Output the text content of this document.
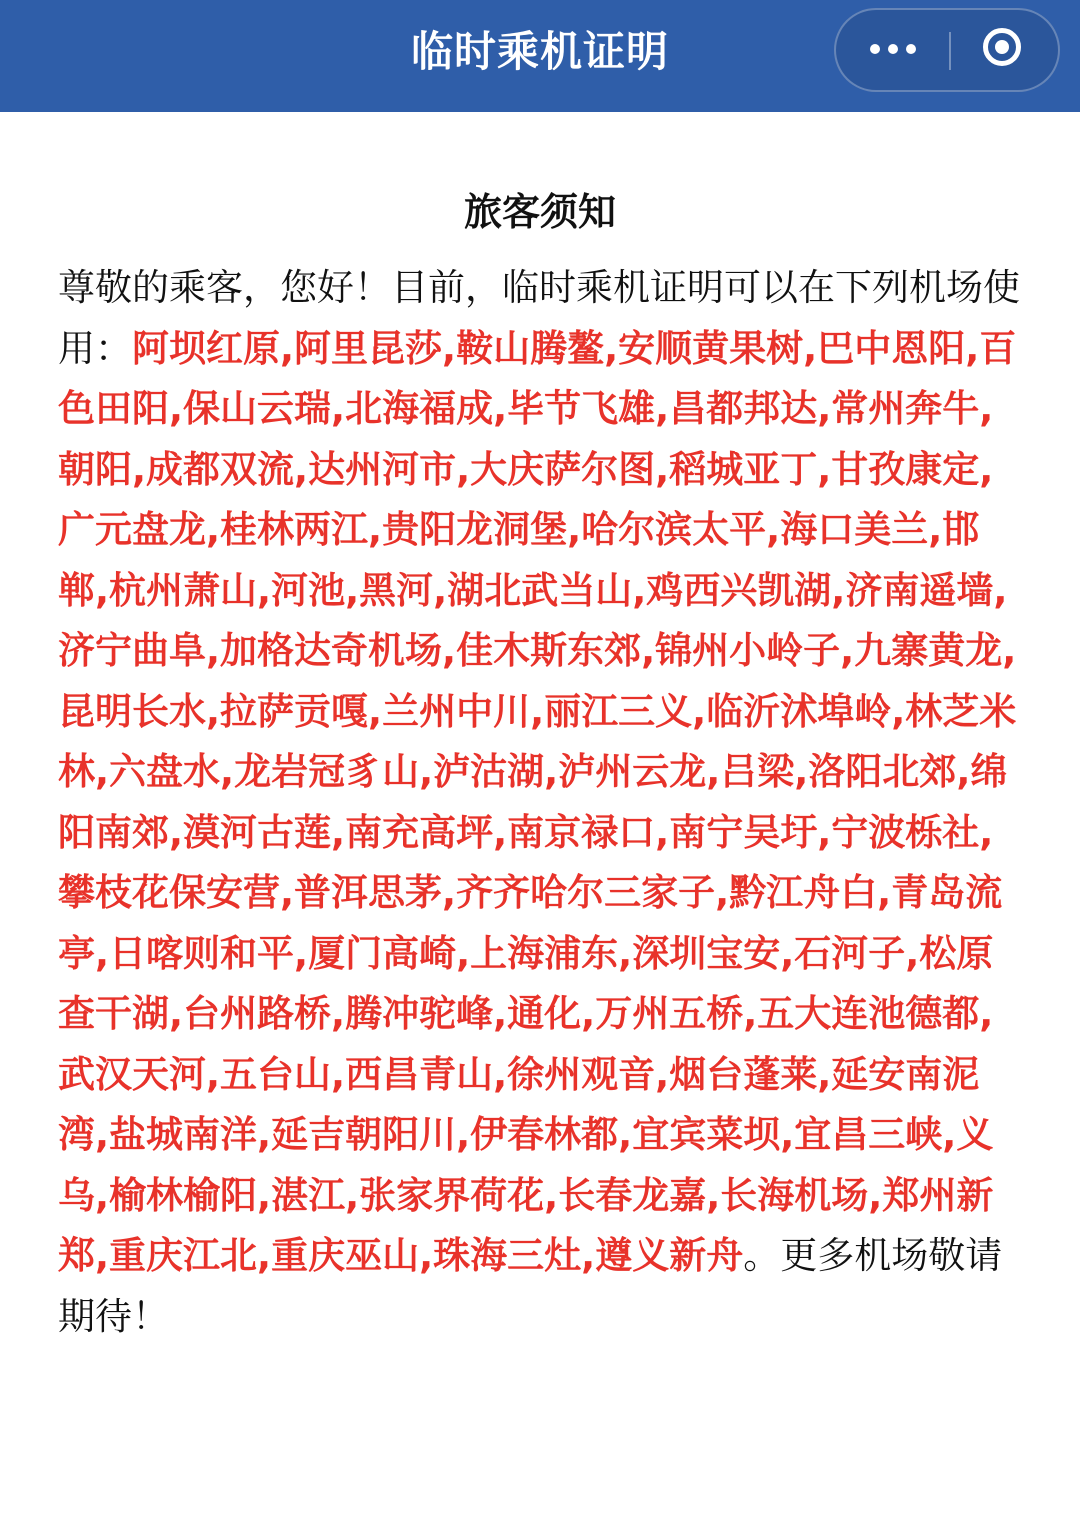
临时乘机证明
旅客须知

尊敬的乘客，您好！目前，临时乘机证明可以在下列机场使用：阿坝红原,阿里昆莎,鞍山腾鳌,安顺黄果树,巴中恩阳,百色田阳,保山云瑞,北海福成,毕节飞雄,昌都邦达,常州奔牛,朝阳,成都双流,达州河市,大庆萨尔图,稻城亚丁,甘孜康定,广元盘龙,桂林两江,贵阳龙洞堡,哈尔滨太平,海口美兰,邯郸,杭州萧山,河池,黑河,湖北武当山,鸡西兴凯湖,济南遥墙,济宁曲阜,加格达奇机场,佳木斯东郊,锦州小岭子,九寨黄龙,昆明长水,拉萨贡嘎,兰州中川,丽江三义,临沂沭埠岭,林芝米林,六盘水,龙岩冠豸山,泸沽湖,泸州云龙,吕梁,洛阳北郊,绵阳南郊,漠河古莲,南充高坪,南京禄口,南宁吴圩,宁波栎社,攀枝花保安营,普洱思茅,齐齐哈尔三家子,黔江舟白,青岛流亭,日喀则和平,厦门高崎,上海浦东,深圳宝安,石河子,松原查干湖,台州路桥,腾冲驼峰,通化,万州五桥,五大连池德都,武汉天河,五台山,西昌青山,徐州观音,烟台蓬莱,延安南泥湾,盐城南洋,延吉朝阳川,伊春林都,宜宾菜坝,宜昌三峡,义乌,榆林榆阳,湛江,张家界荷花,长春龙嘉,长海机场,郑州新郑,重庆江北,重庆巫山,珠海三灶,遵义新舟。更多机场敬请期待！
